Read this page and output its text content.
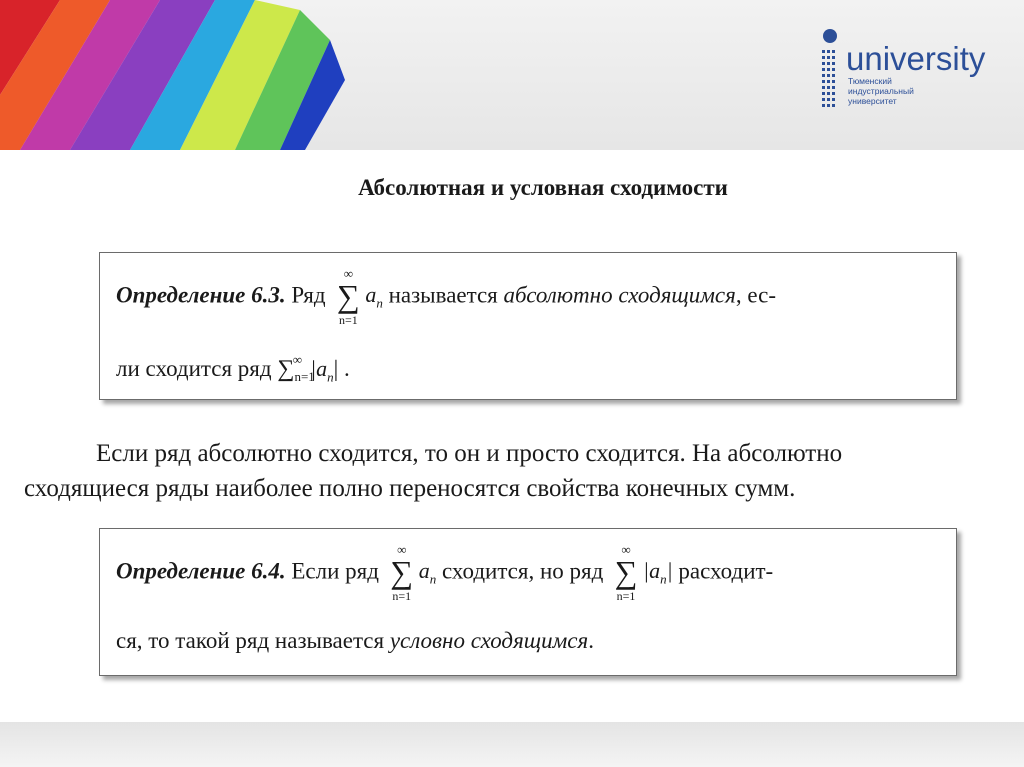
university
Тюменский
индустриальный
университет
Абсолютная и условная сходимости
Определение 6.3. Ряд
∞
∑
n=1
$a_n$ называется абсолютно сходящимся, ес-
ли сходится ряд $\sum_{n=1}^\infty$ $|a_n|$ .
Если ряд абсолютно сходится, то он и просто сходится. На абсолютно
сходящиеся ряды наиболее полно переносятся свойства конечных сумм.
Определение 6.4. Если ряд
∞
∑
n=1
$a_n$ сходится, но ряд
∞
∑
n=1
$|a_n|$ расходит-
ся, то такой ряд называется условно сходящимся.
